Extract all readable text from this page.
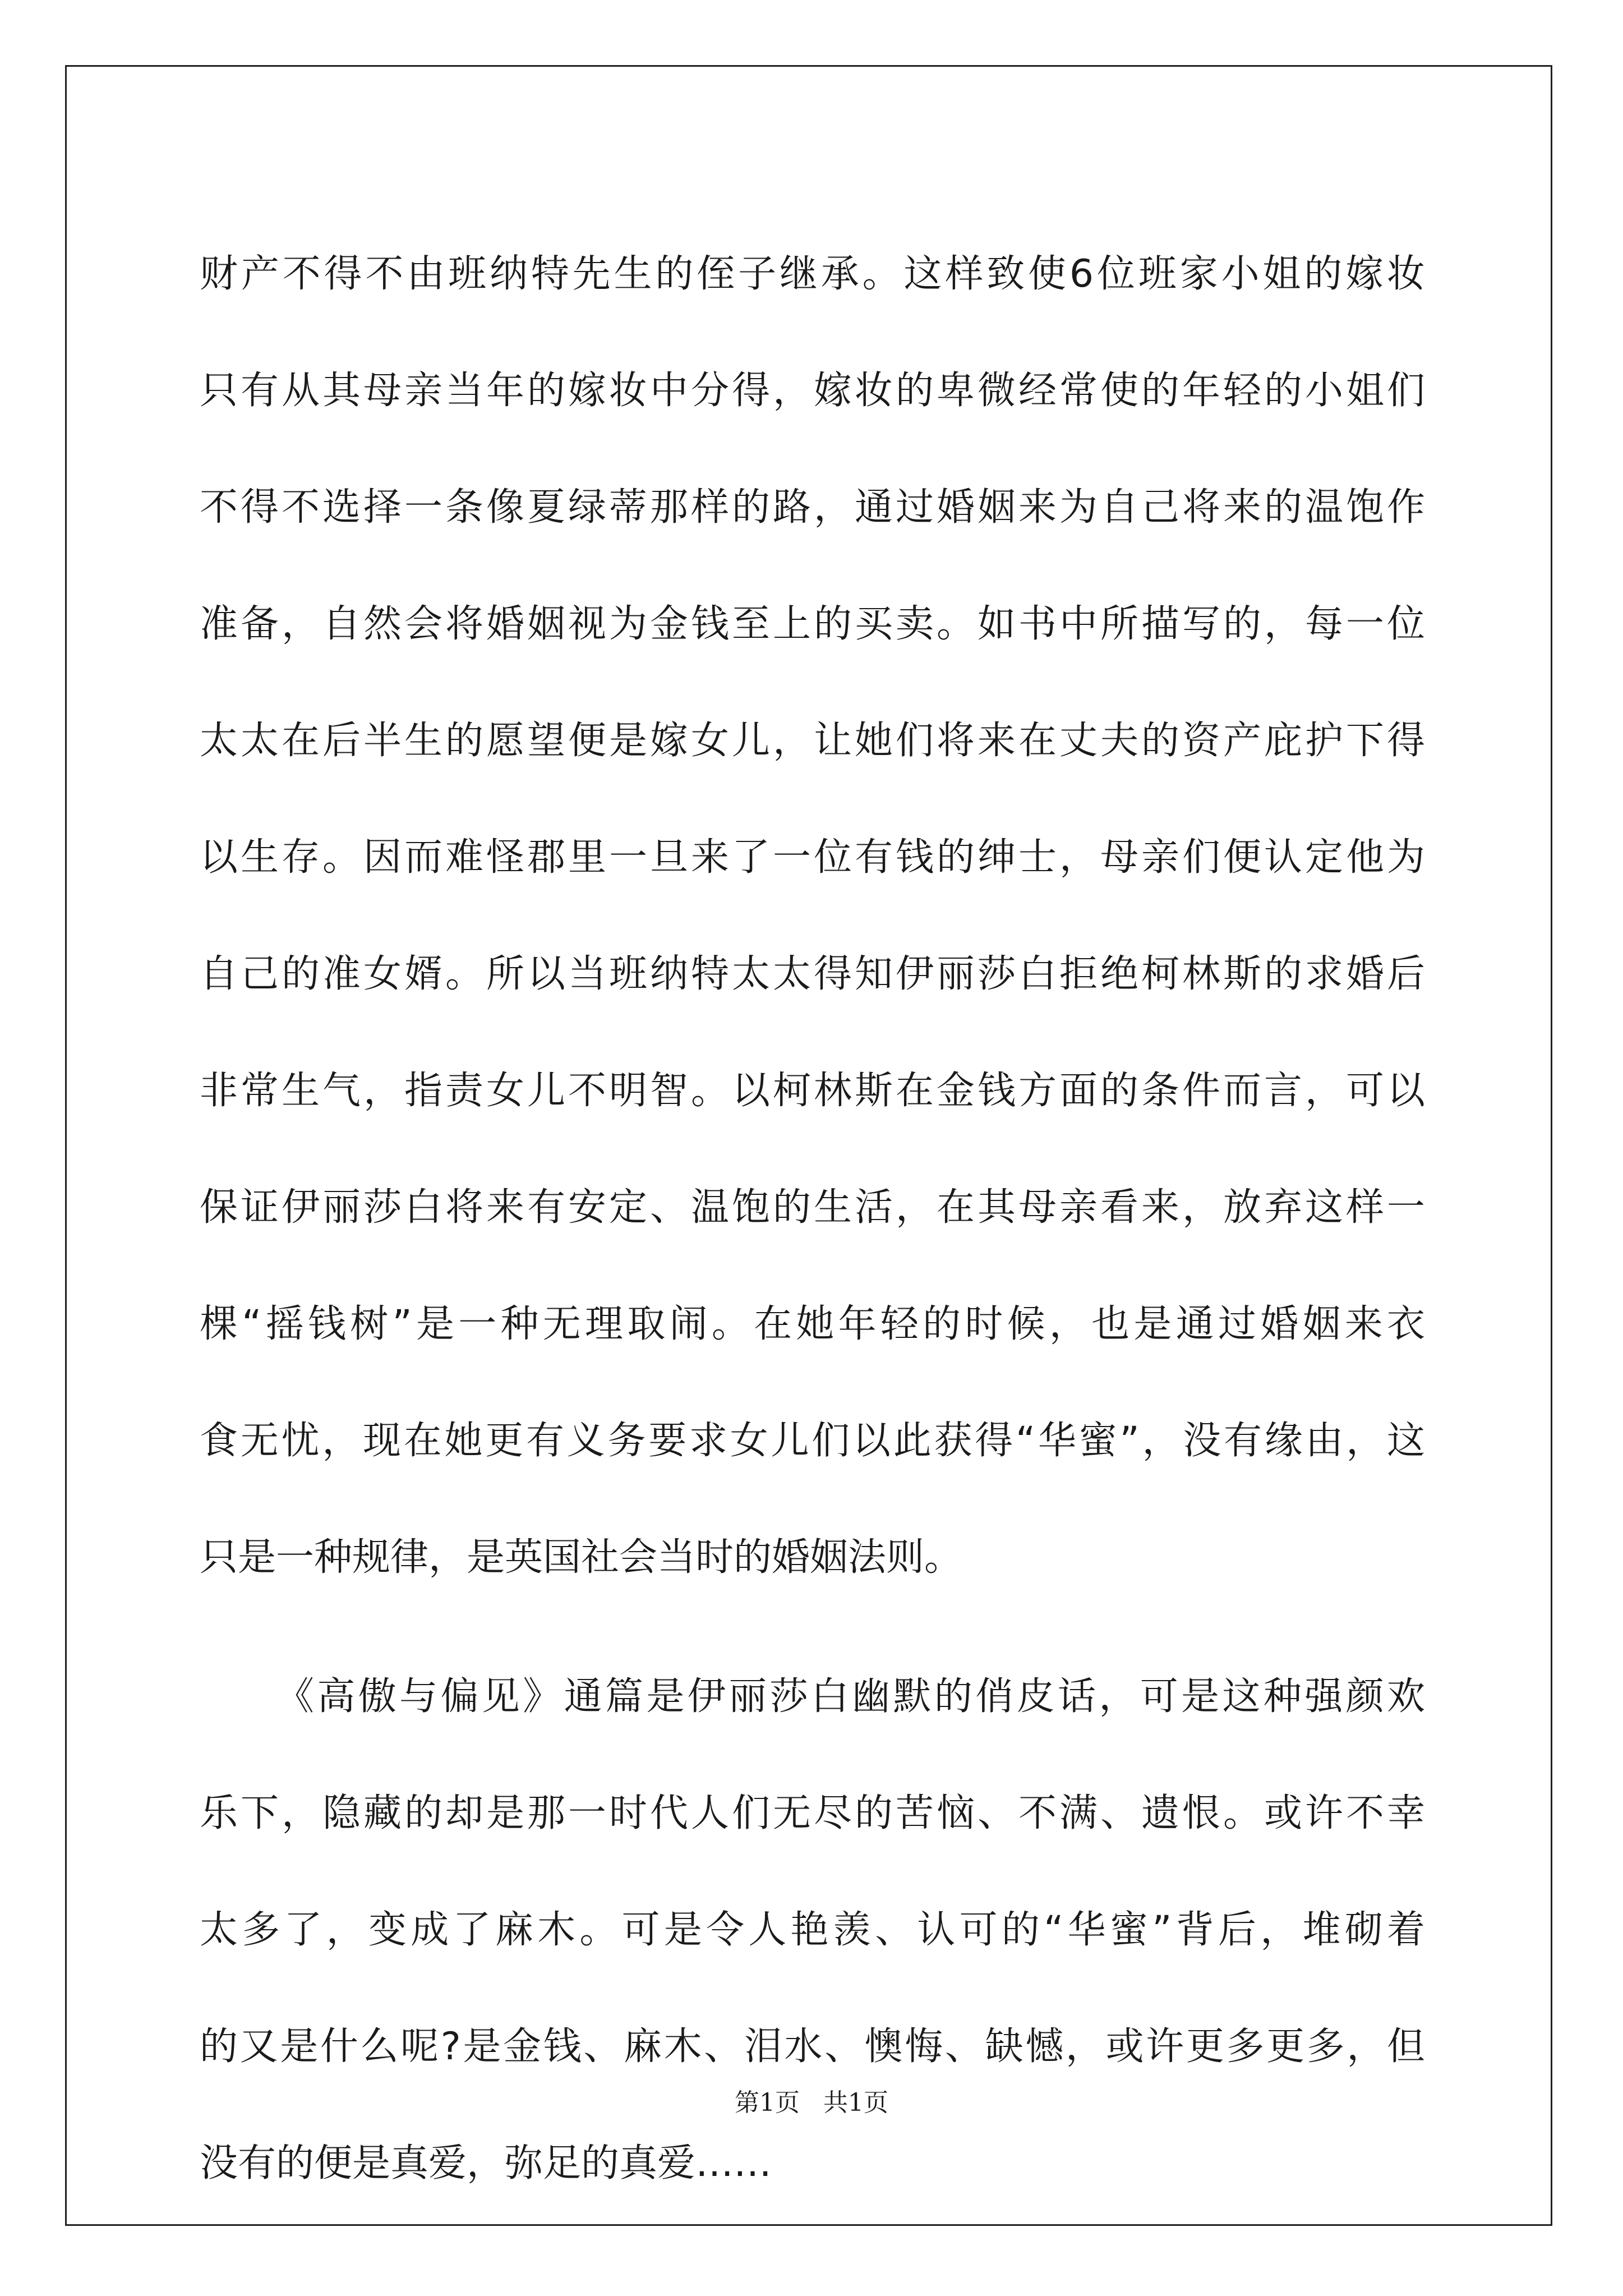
财产不得不由班纳特先生的侄子继承。这样致使6位班家小姐的嫁妆
只有从其母亲当年的嫁妆中分得，嫁妆的卑微经常使的年轻的小姐们
不得不选择一条像夏绿蒂那样的路，通过婚姻来为自己将来的温饱作
准备，自然会将婚姻视为金钱至上的买卖。如书中所描写的，每一位
太太在后半生的愿望便是嫁女儿，让她们将来在丈夫的资产庇护下得
以生存。因而难怪郡里一旦来了一位有钱的绅士，母亲们便认定他为
自己的准女婿。所以当班纳特太太得知伊丽莎白拒绝柯林斯的求婚后
非常生气，指责女儿不明智。以柯林斯在金钱方面的条件而言，可以
保证伊丽莎白将来有安定、温饱的生活，在其母亲看来，放弃这样一
棵“摇钱树”是一种无理取闹。在她年轻的时候，也是通过婚姻来衣
食无忧，现在她更有义务要求女儿们以此获得“华蜜”，没有缘由，这
只是一种规律，是英国社会当时的婚姻法则。
《高傲与偏见》通篇是伊丽莎白幽默的俏皮话，可是这种强颜欢
乐下，隐藏的却是那一时代人们无尽的苦恼、不满、遗恨。或许不幸
太多了，变成了麻木。可是令人艳羡、认可的“华蜜”背后，堆砌着
的又是什么呢?是金钱、麻木、泪水、懊悔、缺憾，或许更多更多，但
没有的便是真爱，弥足的真爱……
第1页   共1页
